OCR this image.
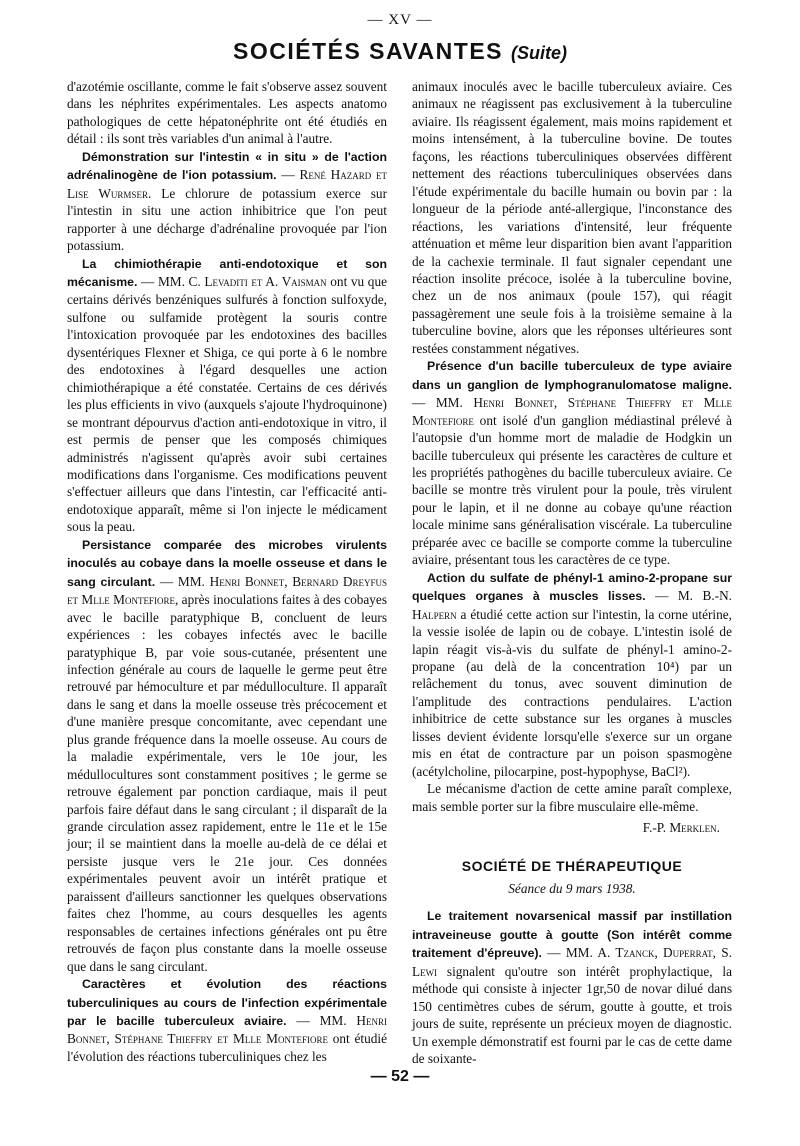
— XV —
SOCIÉTÉS SAVANTES (Suite)

d'azotémie oscillante, comme le fait s'observe assez souvent dans les néphrites expérimentales. Les aspects anatomo pathologiques de cette hépatonéphrite ont été étudiés en détail : ils sont très variables d'un animal à l'autre.

Démonstration sur l'intestin « in situ » de l'action adrénalinogène de l'ion potassium. — René Hazard et Lise Wurmser. Le chlorure de potassium exerce sur l'intestin in situ une action inhibitrice que l'on peut rapporter à une décharge d'adrénaline provoquée par l'ion potassium.

La chimiothérapie anti-endotoxique et son mécanisme. — MM. C. Levaditi et A. Vaisman ont vu que certains dérivés benzéniques sulfurés à fonction sulfoxyde, sulfone ou sulfamide protègent la souris contre l'intoxication provoquée par les endotoxines des bacilles dysentériques Flexner et Shiga, ce qui porte à 6 le nombre des endotoxines à l'égard desquelles une action chimiothérapique a été constatée. Certains de ces dérivés les plus efficients in vivo (auxquels s'ajoute l'hydroquinone) se montrant dépourvus d'action anti-endotoxique in vitro, il est permis de penser que les composés chimiques administrés n'agissent qu'après avoir subi certaines modifications dans l'organisme. Ces modifications peuvent s'effectuer ailleurs que dans l'intestin, car l'efficacité anti-endotoxique apparaît, même si l'on injecte le médicament sous la peau.

Persistance comparée des microbes virulents inoculés au cobaye dans la moelle osseuse et dans le sang circulant. — MM. Henri Bonnet, Bernard Dreyfus et Mlle Montefiore, après inoculations faites à des cobayes avec le bacille paratyphique B, concluent de leurs expériences : les cobayes infectés avec le bacille paratyphique B, par voie sous-cutanée, présentent une infection générale au cours de laquelle le germe peut être retrouvé par hémoculture et par médulloculture. Il apparaît dans le sang et dans la moelle osseuse très précocement et d'une manière presque concomitante, avec cependant une plus grande fréquence dans la moelle osseuse. Au cours de la maladie expérimentale, vers le 10e jour, les médullocultures sont constamment positives ; le germe se retrouve également par ponction cardiaque, mais il peut parfois faire défaut dans le sang circulant ; il disparaît de la grande circulation assez rapidement, entre le 11e et le 15e jour; il se maintient dans la moelle au-delà de ce délai et persiste jusque vers le 21e jour. Ces données expérimentales peuvent avoir un intérêt pratique et paraissent d'ailleurs sanctionner les quelques observations faites chez l'homme, au cours desquelles les agents responsables de certaines infections générales ont pu être retrouvés de façon plus constante dans la moelle osseuse que dans le sang circulant.

Caractères et évolution des réactions tuberculiniques au cours de l'infection expérimentale par le bacille tuberculeux aviaire. — MM. Henri Bonnet, Stéphane Thieffry et Mlle Montefiore ont étudié l'évolution des réactions tuberculiniques chez les

animaux inoculés avec le bacille tuberculeux aviaire. Ces animaux ne réagissent pas exclusivement à la tuberculine aviaire. Ils réagissent également, mais moins rapidement et moins intensément, à la tuberculine bovine. De toutes façons, les réactions tuberculiniques observées diffèrent nettement des réactions tuberculiniques observées dans l'étude expérimentale du bacille humain ou bovin par : la longueur de la période anté-allergique, l'inconstance des réactions, les variations d'intensité, leur fréquente atténuation et même leur disparition bien avant l'apparition de la cachexie terminale. Il faut signaler cependant une réaction insolite précoce, isolée à la tuberculine bovine, chez un de nos animaux (poule 157), qui réagit passagèrement une seule fois à la troisième semaine à la tuberculine bovine, alors que les réponses ultérieures sont restées constamment négatives.

Présence d'un bacille tuberculeux de type aviaire dans un ganglion de lymphogranulomatose maligne. — MM. Henri Bonnet, Stéphane Thieffry et Mlle Montefiore ont isolé d'un ganglion médiastinal prélevé à l'autopsie d'un homme mort de maladie de Hodgkin un bacille tuberculeux qui présente les caractères de culture et les propriétés pathogènes du bacille tuberculeux aviaire. Ce bacille se montre très virulent pour la poule, très virulent pour le lapin, et il ne donne au cobaye qu'une réaction locale minime sans généralisation viscérale. La tuberculine préparée avec ce bacille se comporte comme la tuberculine aviaire, présentant tous les caractères de ce type.

Action du sulfate de phényl-1 amino-2-propane sur quelques organes à muscles lisses. — M. B.-N. Halpern a étudié cette action sur l'intestin, la corne utérine, la vessie isolée de lapin ou de cobaye. L'intestin isolé de lapin réagit vis-à-vis du sulfate de phényl-1 amino-2-propane (au delà de la concentration 10⁴) par un relâchement du tonus, avec souvent diminution de l'amplitude des contractions pendulaires. L'action inhibitrice de cette substance sur les organes à muscles lisses devient évidente lorsqu'elle s'exerce sur un organe mis en état de contracture par un poison spasmogène (acétylcholine, pilocarpine, post-hypophyse, BaCl²).

Le mécanisme d'action de cette amine paraît complexe, mais semble porter sur la fibre musculaire elle-même.

F.-P. Merklen.
SOCIÉTÉ DE THÉRAPEUTIQUE
Séance du 9 mars 1938.

Le traitement novarsenical massif par instillation intraveineuse goutte à goutte (Son intérêt comme traitement d'épreuve). — MM. A. Tzanck, Duperrat, S. Lewi signalent qu'outre son intérêt prophylactique, la méthode qui consiste à injecter 1gr,50 de novar dilué dans 150 centimètres cubes de sérum, goutte à goutte, et trois jours de suite, représente un précieux moyen de diagnostic. Un exemple démonstratif est fourni par le cas de cette dame de soixante-

— 52 —
